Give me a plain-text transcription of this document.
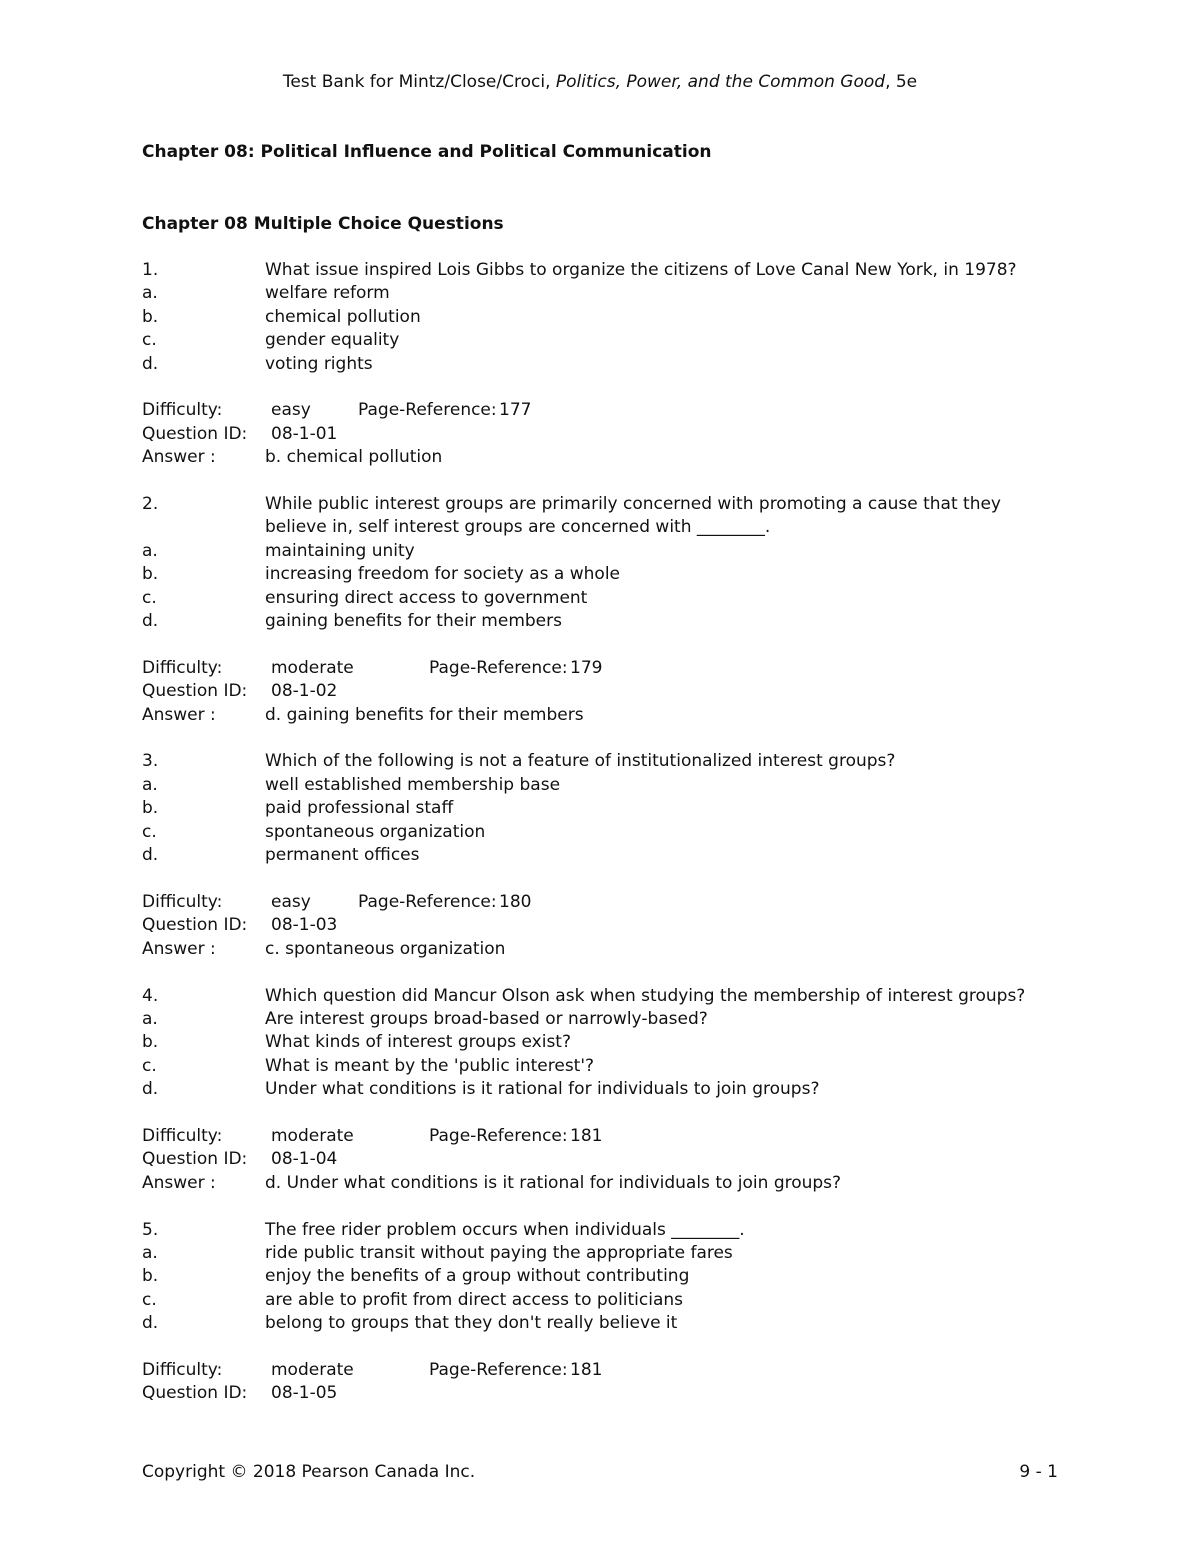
Test Bank for Mintz/Close/Croci, Politics, Power, and the Common Good, 5e
Chapter 08: Political Influence and Political Communication
Chapter 08 Multiple Choice Questions
1.	What issue inspired Lois Gibbs to organize the citizens of Love Canal New York, in 1978?
a.	welfare reform
b.	chemical pollution
c.	gender equality
d.	voting rights
Difficulty:	easy	Page-Reference: 177
Question ID:	08-1-01
Answer :	b. chemical pollution
2.	While public interest groups are primarily concerned with promoting a cause that they believe in, self interest groups are concerned with ________.
a.	maintaining unity
b.	increasing freedom for society as a whole
c.	ensuring direct access to government
d.	gaining benefits for their members
Difficulty:	moderate	Page-Reference: 179
Question ID:	08-1-02
Answer :	d. gaining benefits for their members
3.	Which of the following is not a feature of institutionalized interest groups?
a.	well established membership base
b.	paid professional staff
c.	spontaneous organization
d.	permanent offices
Difficulty:	easy	Page-Reference: 180
Question ID:	08-1-03
Answer :	c. spontaneous organization
4.	Which question did Mancur Olson ask when studying the membership of interest groups?
a.	Are interest groups broad-based or narrowly-based?
b.	What kinds of interest groups exist?
c.	What is meant by the 'public interest'?
d.	Under what conditions is it rational for individuals to join groups?
Difficulty:	moderate	Page-Reference: 181
Question ID:	08-1-04
Answer :	d. Under what conditions is it rational for individuals to join groups?
5.	The free rider problem occurs when individuals ________.
a.	ride public transit without paying the appropriate fares
b.	enjoy the benefits of a group without contributing
c.	are able to profit from direct access to politicians
d.	belong to groups that they don't really believe it
Difficulty:	moderate	Page-Reference: 181
Question ID:	08-1-05
Copyright © 2018 Pearson Canada Inc.	9 - 1
